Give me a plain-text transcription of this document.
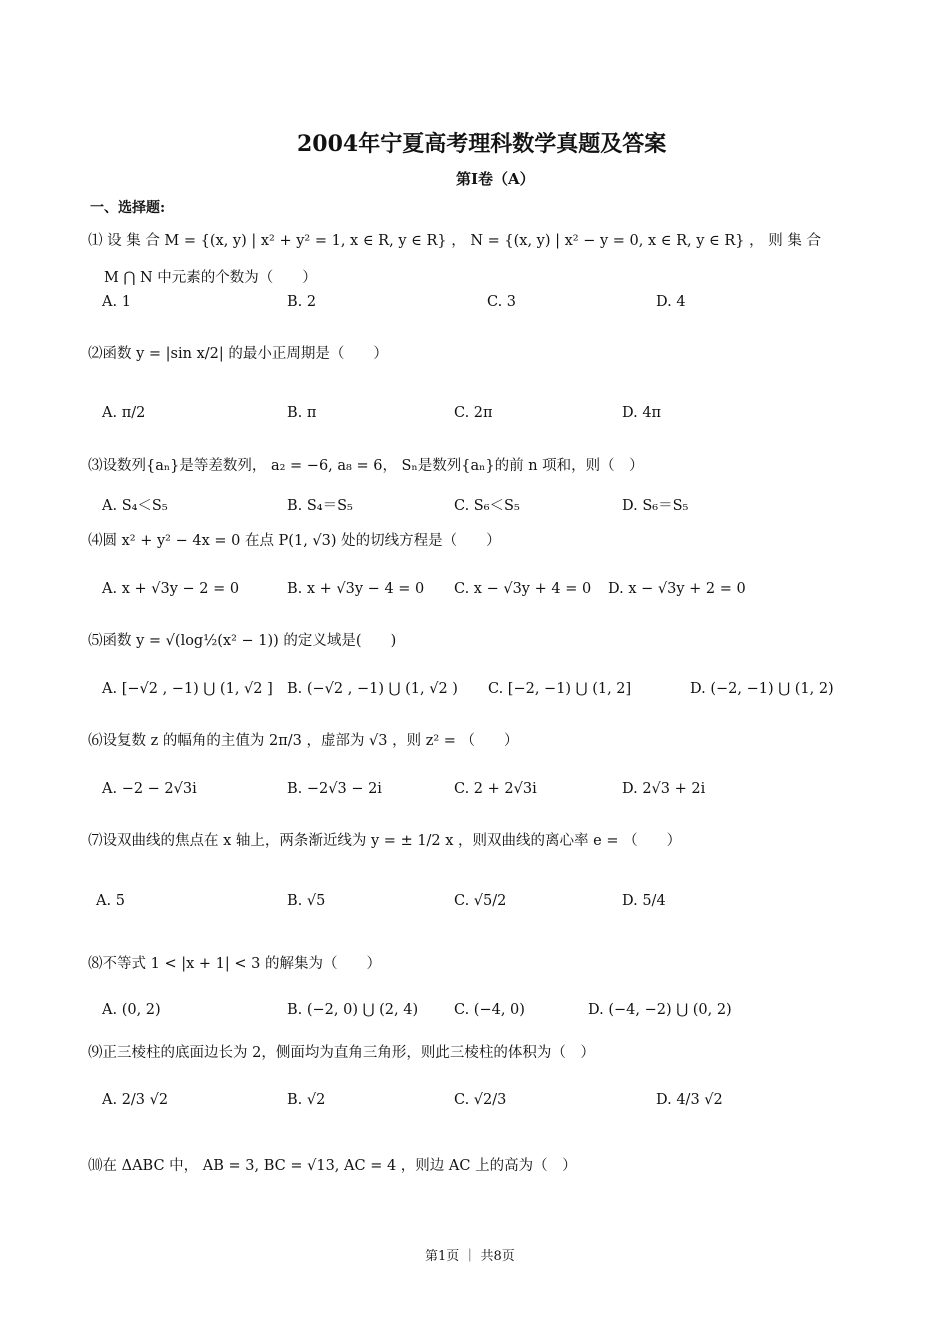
2004年宁夏高考理科数学真题及答案
第Ⅰ卷（A）
一、选择题:
⑴ 设 集 合 M = {(x, y) | x² + y² = 1, x ∈ R, y ∈ R} ， N = {(x, y) | x² − y = 0, x ∈ R, y ∈ R} ， 则 集 合
M ⋂ N 中元素的个数为（　　）
A. 1	B. 2	C. 3	D. 4
⑵函数 y = |sin x/2| 的最小正周期是（　　）
A. π/2	B. π	C. 2π	D. 4π
⑶设数列{aₙ}是等差数列， a₂ = −6, a₈ = 6， Sₙ是数列{aₙ}的前 n 项和，则（　）
A. S₄＜S₅	B. S₄＝S₅	C. S₆＜S₅	D. S₆＝S₅
⑷圆 x² + y² − 4x = 0 在点 P(1, √3) 处的切线方程是（　　）
A. x + √3y − 2 = 0	B. x + √3y − 4 = 0 C. x − √3y + 4 = 0 D. x − √3y + 2 = 0
⑸函数 y = √(log½(x² − 1)) 的定义域是(　　)
A. [−√2 , −1) ⋃ (1, √2 ] B. (−√2 , −1) ⋃ (1, √2 ) C. [−2, −1) ⋃ (1, 2]	D. (−2, −1) ⋃ (1, 2)
⑹设复数 z 的幅角的主值为 2π/3 ，虚部为 √3 ，则 z² = （　　）
A. −2 − 2√3i	B. −2√3 − 2i	C. 2 + 2√3i	D. 2√3 + 2i
⑺设双曲线的焦点在 x 轴上，两条渐近线为 y = ± 1/2 x ，则双曲线的离心率 e = （　　）
A. 5	B. √5	C. √5/2	D. 5/4
⑻不等式 1 < |x + 1| < 3 的解集为（　　）
A. (0, 2)	B. (−2, 0) ⋃ (2, 4) C. (−4, 0)	D. (−4, −2) ⋃ (0, 2)
⑼正三棱柱的底面边长为 2，侧面均为直角三角形，则此三棱柱的体积为（　）
A. 2/3 √2	B. √2	C. √2/3	D. 4/3 √2
⑽在 ΔABC 中， AB = 3, BC = √13, AC = 4 ，则边 AC 上的高为（　）
第1页 ｜ 共8页
